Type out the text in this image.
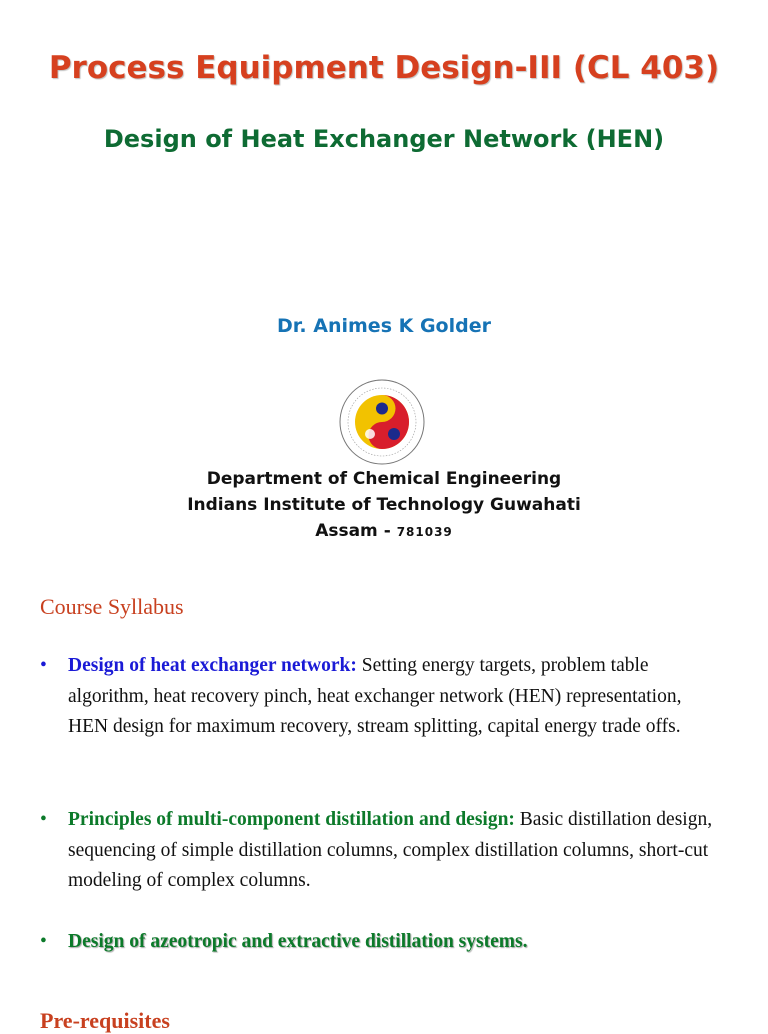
Process Equipment Design-III (CL 403)
Design of Heat Exchanger Network (HEN)
Dr. Animes K Golder
Department of Chemical Engineering
Indians Institute of Technology Guwahati
Assam - 781039
Course Syllabus
• Design of heat exchanger network: Setting energy targets, problem table algorithm, heat recovery pinch, heat exchanger network (HEN) representation, HEN design for maximum recovery, stream splitting, capital energy trade offs.
• Principles of multi-component distillation and design: Basic distillation design, sequencing of simple distillation columns, complex distillation columns, short-cut modeling of complex columns.
• Design of azeotropic and extractive distillation systems.
Pre-requisites
